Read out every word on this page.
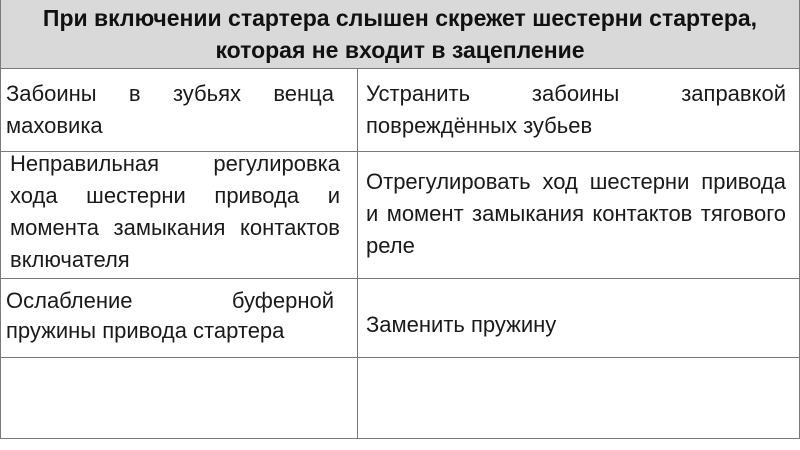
При включении стартера слышен скрежет шестерни стартера, которая не входит в зацепление
Забоины в зубьях венца маховика
Устранить забоины заправкой повреждённых зубьев
Неправильная регулировка хода шестерни привода и момента замыкания контактов включателя
Отрегулировать ход шестерни привода и момент замыкания контактов тягового реле
Ослабление буферной пружины привода стартера	Заменить пружину
